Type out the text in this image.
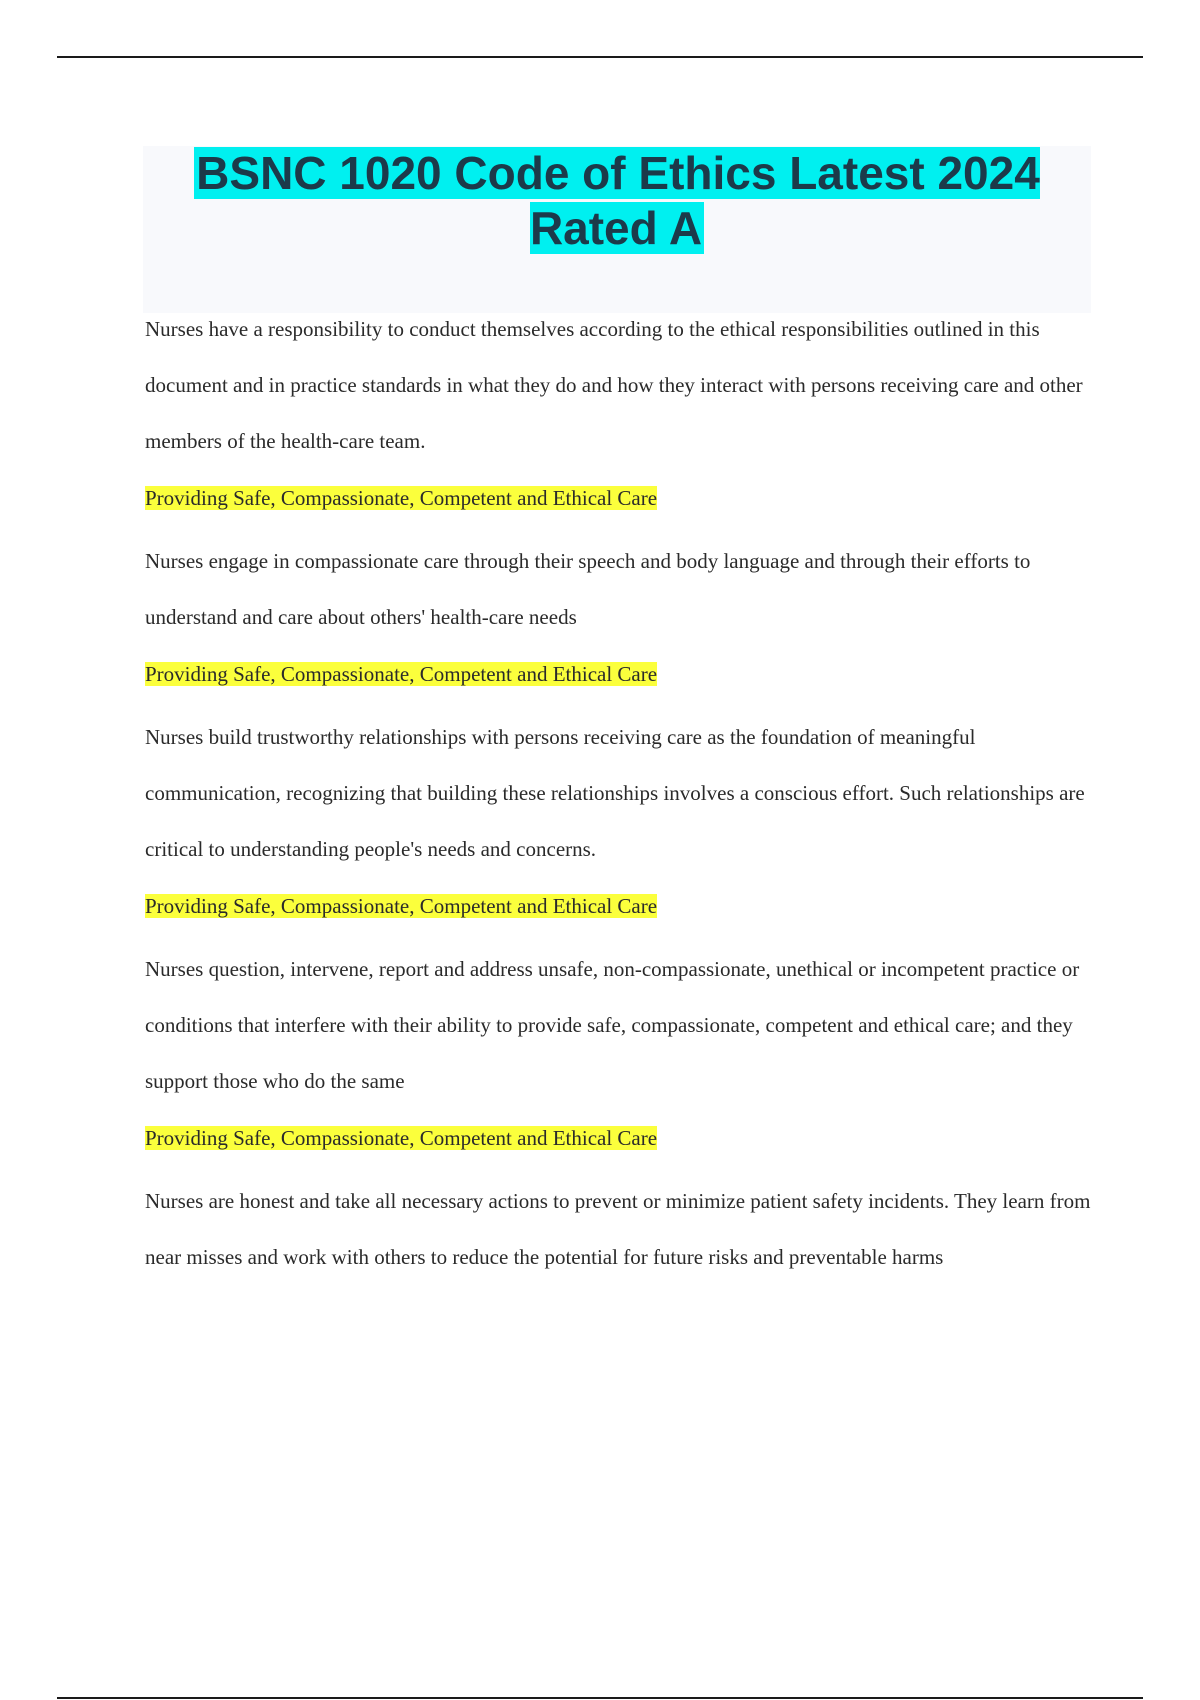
BSNC 1020 Code of Ethics Latest 2024 Rated A

Nurses have a responsibility to conduct themselves according to the ethical responsibilities outlined in this document and in practice standards in what they do and how they interact with persons receiving care and other members of the health-care team.

Providing Safe, Compassionate, Competent and Ethical Care

Nurses engage in compassionate care through their speech and body language and through their efforts to understand and care about others' health-care needs

Providing Safe, Compassionate, Competent and Ethical Care

Nurses build trustworthy relationships with persons receiving care as the foundation of meaningful communication, recognizing that building these relationships involves a conscious effort. Such relationships are critical to understanding people's needs and concerns.

Providing Safe, Compassionate, Competent and Ethical Care

Nurses question, intervene, report and address unsafe, non-compassionate, unethical or incompetent practice or conditions that interfere with their ability to provide safe, compassionate, competent and ethical care; and they support those who do the same

Providing Safe, Compassionate, Competent and Ethical Care

Nurses are honest and take all necessary actions to prevent or minimize patient safety incidents. They learn from near misses and work with others to reduce the potential for future risks and preventable harms
